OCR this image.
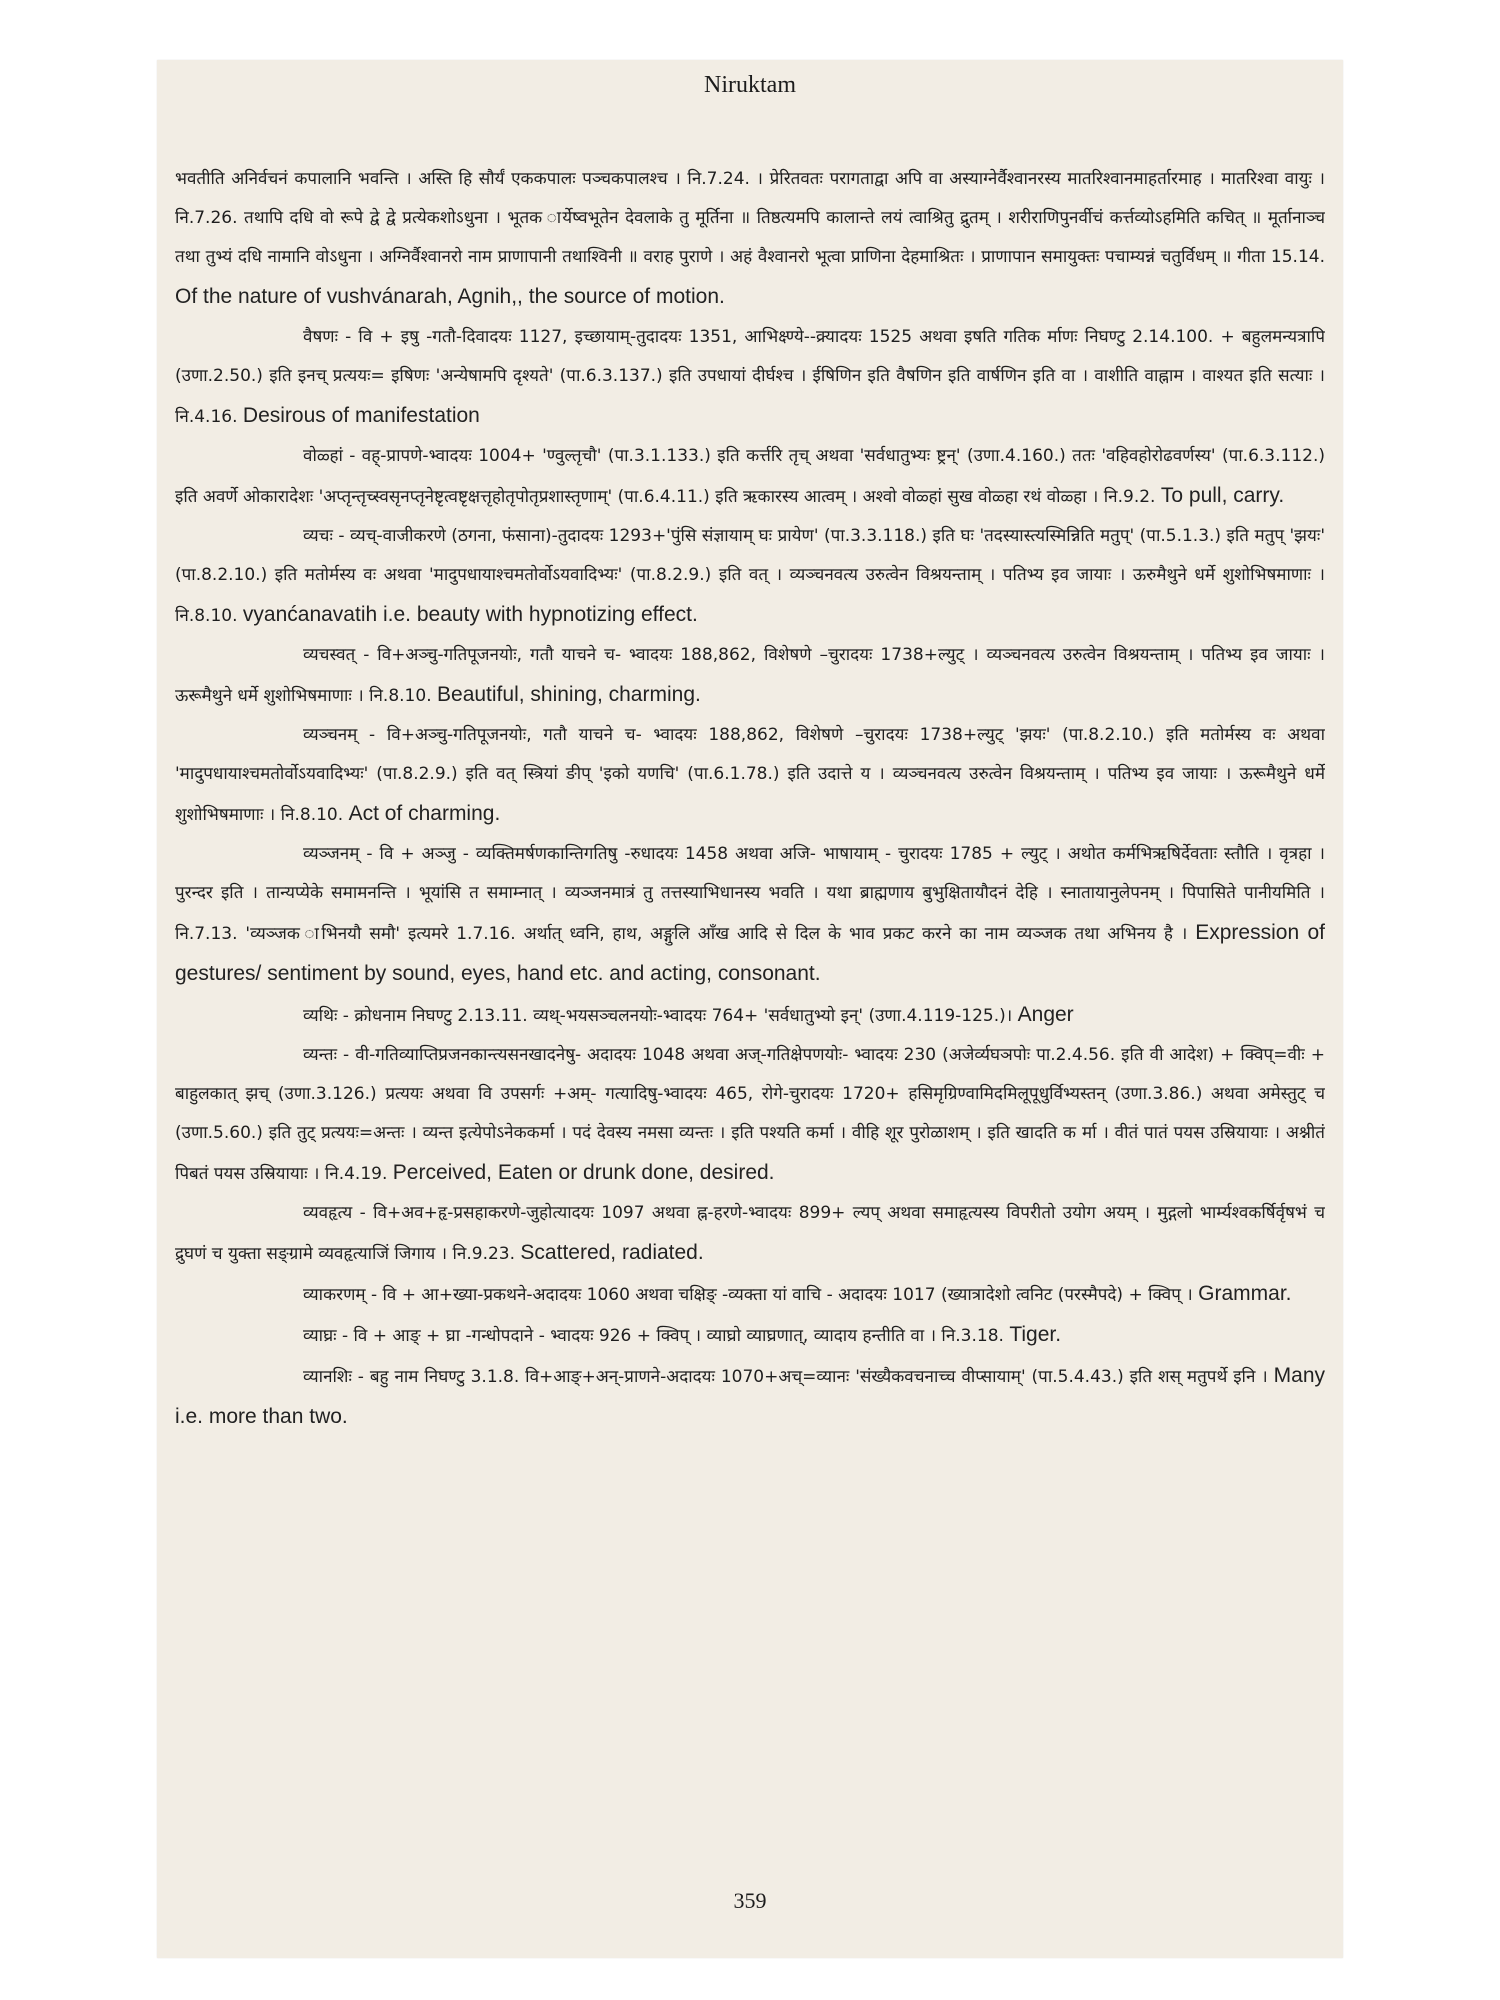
Niruktam

भवतीति अनिर्वचनं कपालानि भवन्ति । अस्ति हि सौर्यं एककपालः पञ्चकपालश्च । नि.7.24. । प्रेरितवतः परागताद्वा अपि वा अस्याग्नेर्वैश्वानरस्य मातरिश्वानमाहर्तारमाह । मातरिश्वा वायुः । नि.7.26. तथापि दधि वो रूपे द्वे द्वे प्रत्येकशोऽधुना । भूतक ार्येष्वभूतेन देवलाके तु मूर्तिना ॥ तिष्ठत्यमपि कालान्ते लयं त्वाश्रितु द्रुतम् । शरीराणिपुनर्वीचं कर्त्तव्योऽहमिति कचित् ॥ मूर्तानाञ्च तथा तुभ्यं दधि नामानि वोऽधुना । अग्निर्वैश्वानरो नाम प्राणापानी तथाश्विनी ॥ वराह पुराणे । अहं वैश्वानरो भूत्वा प्राणिना देहमाश्रितः । प्राणापान समायुक्तः पचाम्यन्नं चतुर्विधम् ॥ गीता 15.14. Of the nature of vushvánarah, Agnih,, the source of motion.

वैषणः - वि + इषु -गतौ-दिवादयः 1127, इच्छायाम्-तुदादयः 1351, आभिक्ष्ण्ये--क्र्यादयः 1525 अथवा इषति गतिक र्माणः निघण्टु 2.14.100. + बहुलमन्यत्रापि (उणा.2.50.) इति इनच् प्रत्ययः= इषिणः 'अन्येषामपि दृश्यते' (पा.6.3.137.) इति उपधायां दीर्घश्च । ईषिणिन इति वैषणिन इति वार्षणिन इति वा । वाशीति वाह्नाम । वाश्यत इति सत्याः । नि.4.16. Desirous of manifestation

वोळ्हां - वह्-प्रापणे-भ्वादयः 1004+ 'ण्वुल्तृचौ' (पा.3.1.133.) इति कर्त्तरि तृच् अथवा 'सर्वधातुभ्यः ष्ट्रन्' (उणा.4.160.) ततः 'वहिवहोरोढवर्णस्य' (पा.6.3.112.) इति अवर्णे ओकारादेशः 'अप्तृन्तृच्स्वसृनप्तृनेष्टृत्वष्टृक्षत्तृहोतृपोतृप्रशास्तृणाम्' (पा.6.4.11.) इति ऋकारस्य आत्वम् । अश्वो वोळ्हां सुख वोळ्हा रथं वोळ्हा । नि.9.2. To pull, carry.

व्यचः - व्यच्-वाजीकरणे (ठगना, फंसाना)-तुदादयः 1293+'पुंसि संज्ञायाम् घः प्रायेण' (पा.3.3.118.) इति घः 'तदस्यास्त्यस्मिन्निति मतुप्' (पा.5.1.3.) इति मतुप् 'झयः' (पा.8.2.10.) इति मतोर्मस्य वः अथवा 'मादुपधायाश्चमतोर्वोऽयवादिभ्यः' (पा.8.2.9.) इति वत् । व्यञ्चनवत्य उरुत्वेन विश्रयन्ताम् । पतिभ्य इव जायाः । ऊरुमैथुने धर्मे शुशोभिषमाणाः । नि.8.10. vyanćanavatih i.e. beauty with hypnotizing effect.

व्यचस्वत् - वि+अञ्चु-गतिपूजनयोः, गतौ याचने च- भ्वादयः 188,862, विशेषणे –चुरादयः 1738+ल्युट् । व्यञ्चनवत्य उरुत्वेन विश्रयन्ताम् । पतिभ्य इव जायाः । ऊरूमैथुने धर्मे शुशोभिषमाणाः । नि.8.10. Beautiful, shining, charming.

व्यञ्चनम् - वि+अञ्चु-गतिपूजनयोः, गतौ याचने च- भ्वादयः 188,862, विशेषणे –चुरादयः 1738+ल्युट् 'झयः' (पा.8.2.10.) इति मतोर्मस्य वः अथवा 'मादुपधायाश्चमतोर्वोऽयवादिभ्यः' (पा.8.2.9.) इति वत् स्त्रियां ङीप् 'इको यणचि' (पा.6.1.78.) इति उदात्ते य । व्यञ्चनवत्य उरुत्वेन विश्रयन्ताम् । पतिभ्य इव जायाः । ऊरूमैथुने धर्मे शुशोभिषमाणाः । नि.8.10. Act of charming.

व्यञ्जनम् - वि + अञ्जु - व्यक्तिमर्षणकान्तिगतिषु -रुधादयः 1458 अथवा अजि- भाषायाम् - चुरादयः 1785 + ल्युट् । अथोत कर्मभिऋषिर्देवताः स्तौति । वृत्रहा । पुरन्दर इति । तान्यप्येके समामनन्ति । भूयांसि त समाम्नात् । व्यञ्जनमात्रं तु तत्तस्याभिधानस्य भवति । यथा ब्राह्मणाय बुभुक्षितायौदनं देहि । स्नातायानुलेपनम् । पिपासिते पानीयमिति । नि.7.13. 'व्यञ्जक ाभिनयौ समौ' इत्यमरे 1.7.16. अर्थात् ध्वनि, हाथ, अङ्गुलि आँख आदि से दिल के भाव प्रकट करने का नाम व्यञ्जक तथा अभिनय है । Expression of gestures/ sentiment by sound, eyes, hand etc. and acting, consonant.

व्यथिः - क्रोधनाम निघण्टु 2.13.11. व्यथ्-भयसञ्चलनयोः-भ्वादयः 764+ 'सर्वधातुभ्यो इन्' (उणा.4.119-125.)। Anger

व्यन्तः - वी-गतिव्याप्तिप्रजनकान्त्यसनखादनेषु- अदादयः 1048 अथवा अज्-गतिक्षेपणयोः- भ्वादयः 230 (अजेर्व्यघञपोः पा.2.4.56. इति वी आदेश) + क्विप्=वीः + बाहुलकात् झच् (उणा.3.126.) प्रत्ययः अथवा वि उपसर्गः +अम्- गत्यादिषु-भ्वादयः 465, रोगे-चुरादयः 1720+ हसिमृग्रिण्वामिदमिलूपूधुर्विभ्यस्तन् (उणा.3.86.) अथवा अमेस्तुट् च (उणा.5.60.) इति तुट् प्रत्ययः=अन्तः । व्यन्त इत्येपोऽनेककर्मा । पदं देवस्य नमसा व्यन्तः । इति पश्यति कर्मा । वीहि शूर पुरोळाशम् । इति खादति क र्मा । वीतं पातं पयस उस्रियायाः । अश्नीतं पिबतं पयस उस्रियायाः । नि.4.19. Perceived, Eaten or drunk done, desired.

व्यवहृत्य - वि+अव+हृ-प्रसहाकरणे-जुहोत्यादयः 1097 अथवा ह्न-हरणे-भ्वादयः 899+ ल्यप् अथवा समाहृत्यस्य विपरीतो उयोग अयम् । मुद्गलो भार्म्यश्वकर्षिर्वृषभं च द्रुघणं च युक्ता सङ्ग्रामे व्यवहृत्याजिं जिगाय । नि.9.23. Scattered, radiated.

व्याकरणम् - वि + आ+ख्या-प्रकथने-अदादयः 1060 अथवा चक्षिङ् -व्यक्ता यां वाचि - अदादयः 1017 (ख्यात्रादेशो त्वनिट (परस्मैपदे) + क्विप् । Grammar.

व्याघ्रः - वि + आङ् + घ्रा -गन्धोपदाने - भ्वादयः 926 + क्विप् । व्याघ्रो व्याघ्रणात्, व्यादाय हन्तीति वा । नि.3.18. Tiger.

व्यानशिः - बहु नाम निघण्टु 3.1.8. वि+आङ्+अन्-प्राणने-अदादयः 1070+अच्=व्यानः 'संख्यैकवचनाच्च वीप्सायाम्' (पा.5.4.43.) इति शस् मतुपर्थे इनि । Many i.e. more than two.

359
